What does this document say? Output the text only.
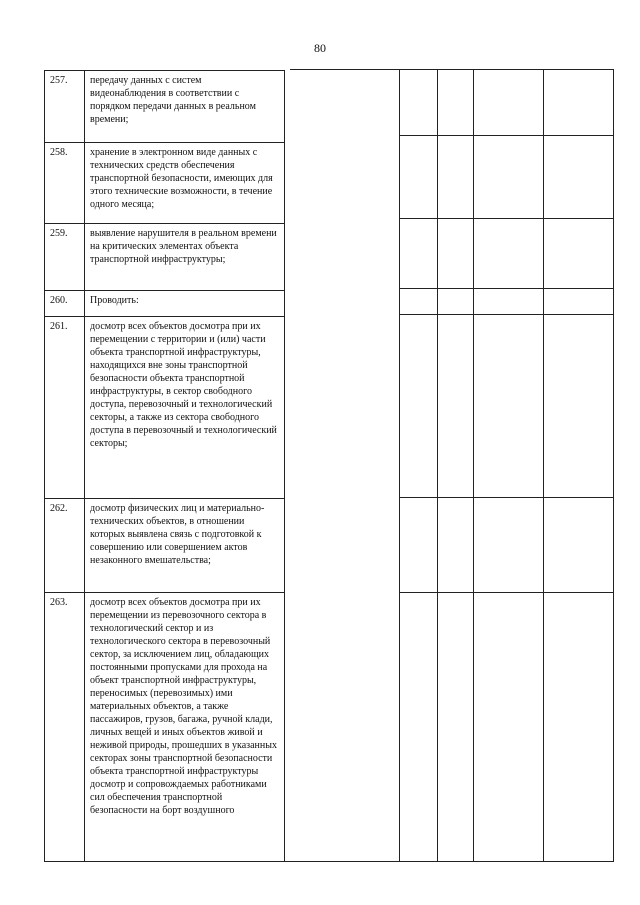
80
257.	передачу данных с систем видеонаблюдения в соответствии с порядком передачи данных в реальном времени;
258.	хранение в электронном виде данных с технических средств обеспечения транспортной безопасности, имеющих для этого технические возможности, в течение одного месяца;
259.	выявление нарушителя в реальном времени на критических элементах объекта транспортной инфраструктуры;
260.	Проводить:
261.	досмотр всех объектов досмотра при их перемещении с территории и (или) части объекта транспортной инфраструктуры, находящихся вне зоны транспортной безопасности объекта транспортной инфраструктуры, в сектор свободного доступа, перевозочный и технологический секторы, а также из сектора свободного доступа в перевозочный и технологический секторы;
262.	досмотр физических лиц и материально-технических объектов, в отношении которых выявлена связь с подготовкой к совершению или совершением актов незаконного вмешательства;
263.	досмотр всех объектов досмотра при их перемещении из перевозочного сектора в технологический сектор и из технологического сектора в перевозочный сектор, за исключением лиц, обладающих постоянными пропусками для прохода на объект транспортной инфраструктуры, переносимых (перевозимых) ими материальных объектов, а также пассажиров, грузов, багажа, ручной клади, личных вещей и иных объектов живой и неживой природы, прошедших в указанных секторах зоны транспортной безопасности объекта транспортной инфраструктуры досмотр и сопровождаемых работниками сил обеспечения транспортной безопасности на борт воздушного
